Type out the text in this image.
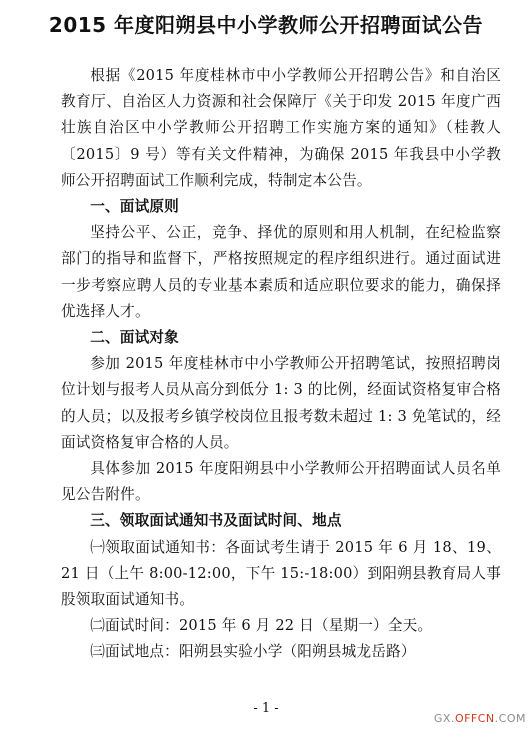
2015 年度阳朔县中小学教师公开招聘面试公告

根据《2015 年度桂林市中小学教师公开招聘公告》和自治区教育厅、自治区人力资源和社会保障厅《关于印发 2015 年度广西壮族自治区中小学教师公开招聘工作实施方案的通知》（桂教人〔2015〕9 号）等有关文件精神，为确保 2015 年我县中小学教师公开招聘面试工作顺利完成，特制定本公告。

一、面试原则

坚持公平、公正，竞争、择优的原则和用人机制，在纪检监察部门的指导和监督下，严格按照规定的程序组织进行。通过面试进一步考察应聘人员的专业基本素质和适应职位要求的能力，确保择优选择人才。

二、面试对象

参加 2015 年度桂林市中小学教师公开招聘笔试，按照招聘岗位计划与报考人员从高分到低分 1: 3 的比例，经面试资格复审合格的人员；以及报考乡镇学校岗位且报考数未超过 1: 3 免笔试的，经面试资格复审合格的人员。

具体参加 2015 年度阳朔县中小学教师公开招聘面试人员名单见公告附件。

三、领取面试通知书及面试时间、地点

㈠领取面试通知书：各面试考生请于 2015 年 6 月 18、19、21 日（上午 8:00-12:00，下午 15:-18:00）到阳朔县教育局人事股领取面试通知书。

㈡面试时间：2015 年 6 月 22 日（星期一）全天。

㈢面试地点：阳朔县实验小学（阳朔县城龙岳路）

- 1 -
GX.OFFCN.COM
